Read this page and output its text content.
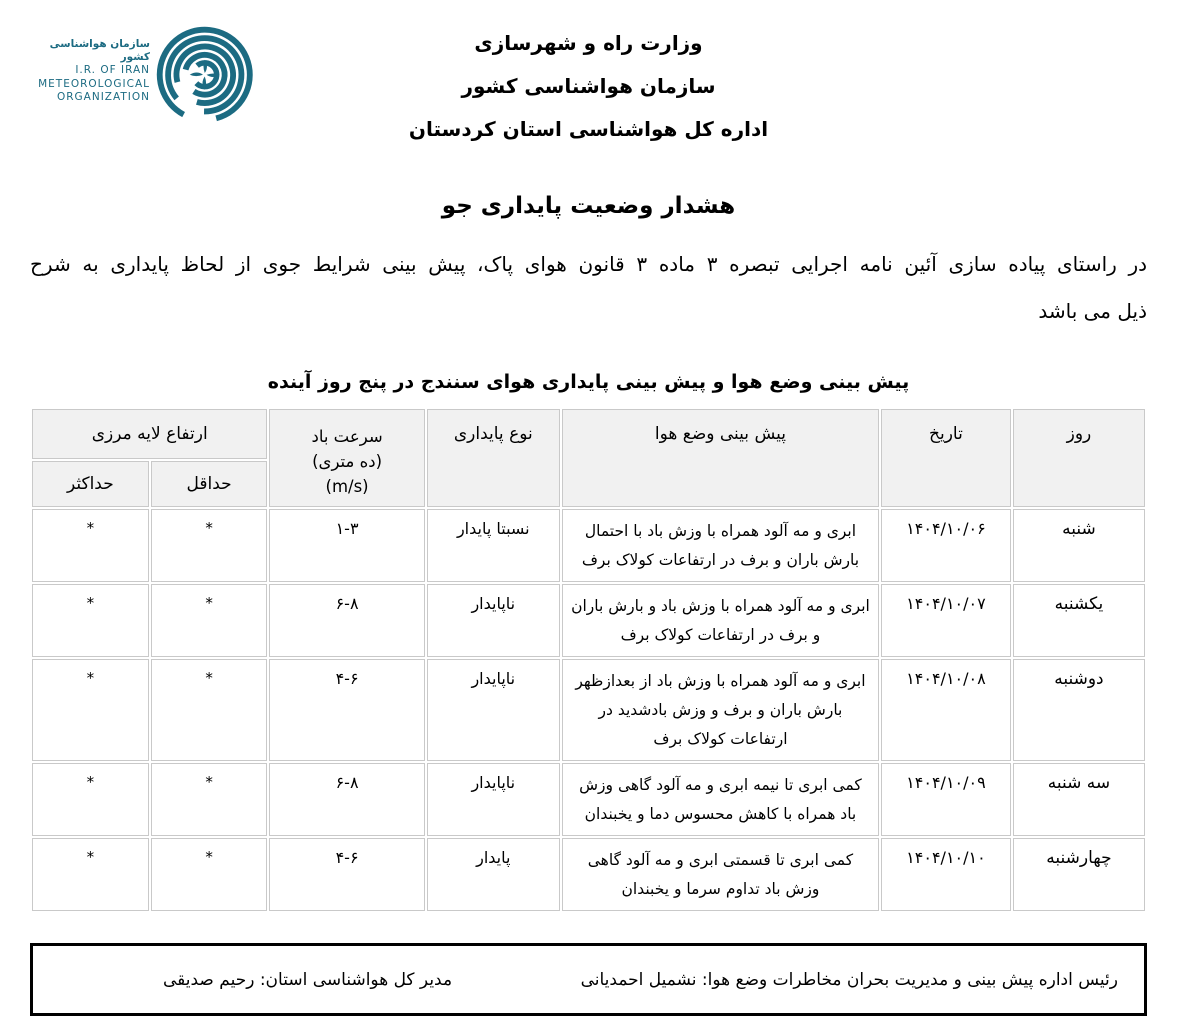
وزارت راه و شهرسازی
سازمان هواشناسی کشور
اداره کل هواشناسی استان کردستان
سازمان هواشناسی کشور
I.R. OF IRAN
METEOROLOGICAL
ORGANIZATION
هشدار وضعیت پایداری جو
در راستای پیاده سازی آئین نامه اجرایی تبصره ۳ ماده ۳ قانون هوای پاک، پیش بینی شرایط جوی از لحاظ پایداری به شرح
ذیل می باشد
پیش بینی وضع هوا و پیش بینی پایداری هوای سنندج در پنج روز آینده
روز	تاریخ	پیش بینی وضع هوا	نوع پایداری	سرعت باد
(ده متری)
(m/s)	ارتفاع لایه مرزی	
					حداقل	حداکثر
شنبه	۱۴۰۴/۱۰/۰۶	ابری و مه آلود همراه با وزش باد با احتمال بارش باران و برف در ارتفاعات کولاک برف	نسبتا پایدار	۱-۳	*	*
یکشنبه	۱۴۰۴/۱۰/۰۷	ابری و مه آلود همراه با وزش باد و بارش باران و برف در ارتفاعات کولاک برف	ناپایدار	۶-۸	*	*
دوشنبه	۱۴۰۴/۱۰/۰۸	ابری و مه آلود همراه با وزش باد از بعدازظهر بارش باران و برف و وزش بادشدید در ارتفاعات کولاک برف	ناپایدار	۴-۶	*	*
سه شنبه	۱۴۰۴/۱۰/۰۹	کمی ابری تا نیمه ابری و مه آلود گاهی وزش باد همراه با کاهش محسوس دما و یخبندان	ناپایدار	۶-۸	*	*
چهارشنبه	۱۴۰۴/۱۰/۱۰	کمی ابری تا قسمتی ابری و مه آلود گاهی وزش باد تداوم سرما و یخبندان	پایدار	۴-۶	*	*
رئیس اداره پیش بینی و مدیریت بحران مخاطرات وضع هوا: نشمیل احمدیانی
مدیر کل هواشناسی استان: رحیم صدیقی
